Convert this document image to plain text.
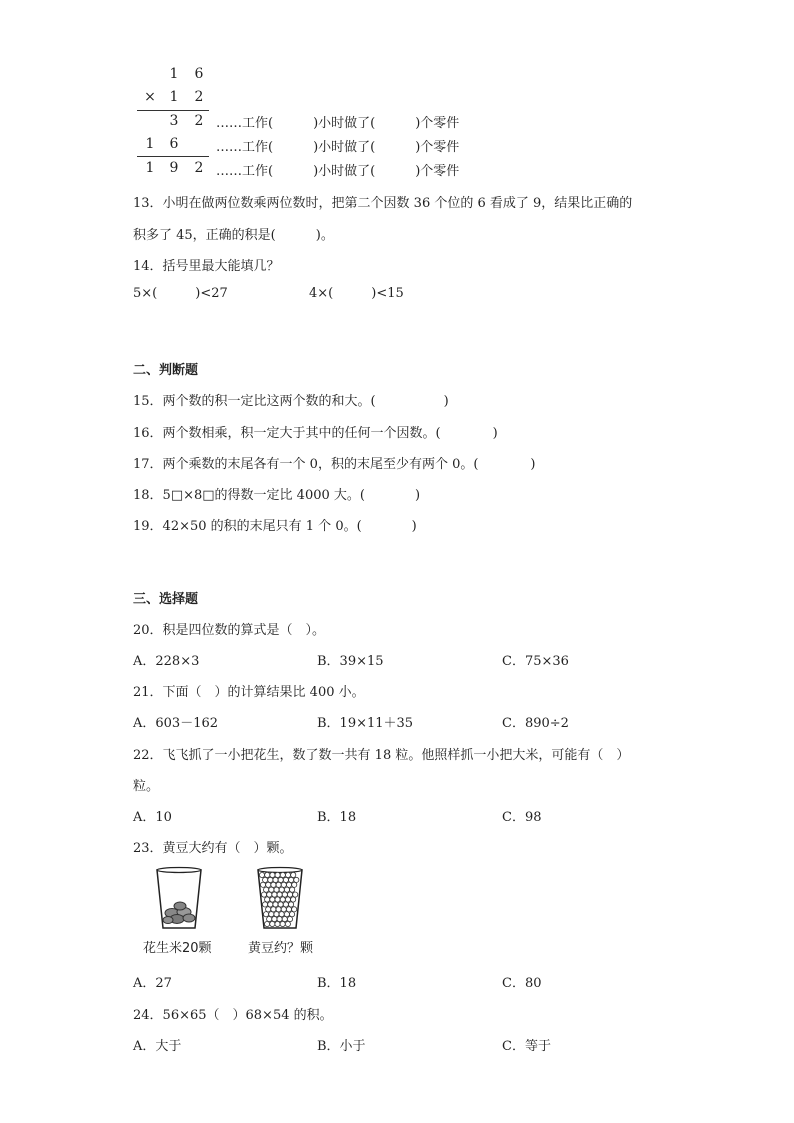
1 6
× 1 2
3 2 ……工作(	)小时做了(	)个零件
1 6	……工作(	)小时做了(	)个零件
1 9 2 ……工作(	)小时做了(	)个零件
13．小明在做两位数乘两位数时，把第二个因数 36 个位的 6 看成了 9，结果比正确的
积多了 45，正确的积是(	)。
14．括号里最大能填几？
5×(	)<27	4×(	)<15
二、判断题
15．两个数的积一定比这两个数的和大。(	)
16．两个数相乘，积一定大于其中的任何一个因数。(	)
17．两个乘数的末尾各有一个 0，积的末尾至少有两个 0。(	)
18．5□×8□的得数一定比 4000 大。(	)
19．42×50 的积的末尾只有 1 个 0。(	)
三、选择题
20．积是四位数的算式是（　）。
A．228×3	B．39×15	C．75×36
21．下面（　）的计算结果比 400 小。
A．603－162	B．19×11＋35	C．890÷2
22．飞飞抓了一小把花生，数了数一共有 18 粒。他照样抓一小把大米，可能有（　）
粒。
A．10	B．18	C．98
23．黄豆大约有（　）颗。
花生米20颗	黄豆约？颗
A．27	B．18	C．80
24．56×65（　）68×54 的积。
A．大于	B．小于	C．等于
